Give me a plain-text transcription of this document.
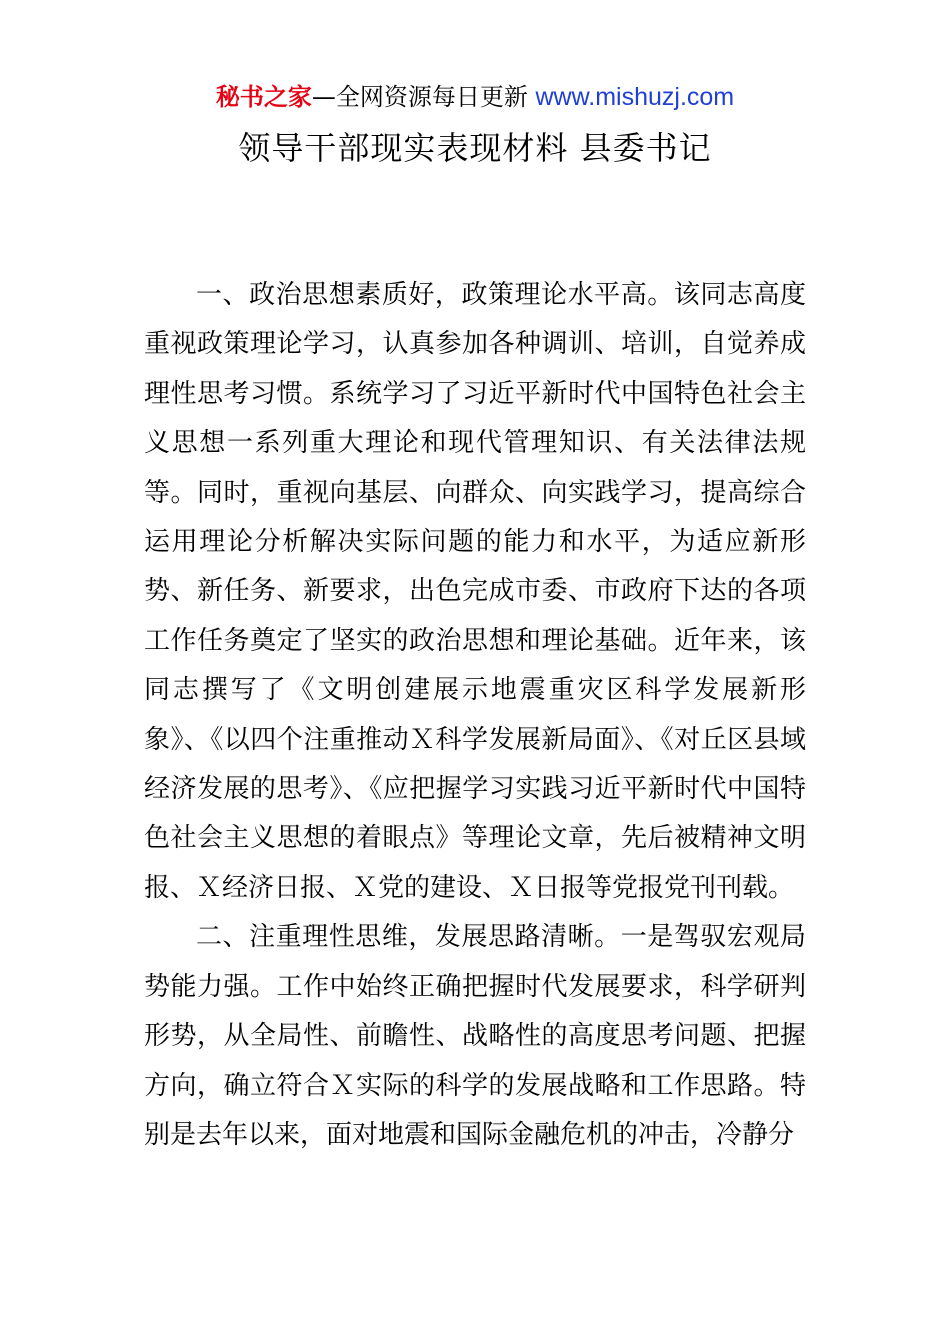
秘书之家—全网资源每日更新 www.mishuzj.com
领导干部现实表现材料 县委书记

一、政治思想素质好，政策理论水平高。该同志高度重视政策理论学习，认真参加各种调训、培训，自觉养成理性思考习惯。系统学习了习近平新时代中国特色社会主义思想一系列重大理论和现代管理知识、有关法律法规等。同时，重视向基层、向群众、向实践学习，提高综合运用理论分析解决实际问题的能力和水平，为适应新形势、新任务、新要求，出色完成市委、市政府下达的各项工作任务奠定了坚实的政治思想和理论基础。近年来，该同志撰写了《文明创建展示地震重灾区科学发展新形象》、《以四个注重推动Ｘ科学发展新局面》、《对丘区县域经济发展的思考》、《应把握学习实践习近平新时代中国特色社会主义思想的着眼点》等理论文章，先后被精神文明报、Ｘ经济日报、Ｘ党的建设、Ｘ日报等党报党刊刊载。

二、注重理性思维，发展思路清晰。一是驾驭宏观局势能力强。工作中始终正确把握时代发展要求，科学研判形势，从全局性、前瞻性、战略性的高度思考问题、把握方向，确立符合Ｘ实际的科学的发展战略和工作思路。特别是去年以来，面对地震和国际金融危机的冲击，冷静分
